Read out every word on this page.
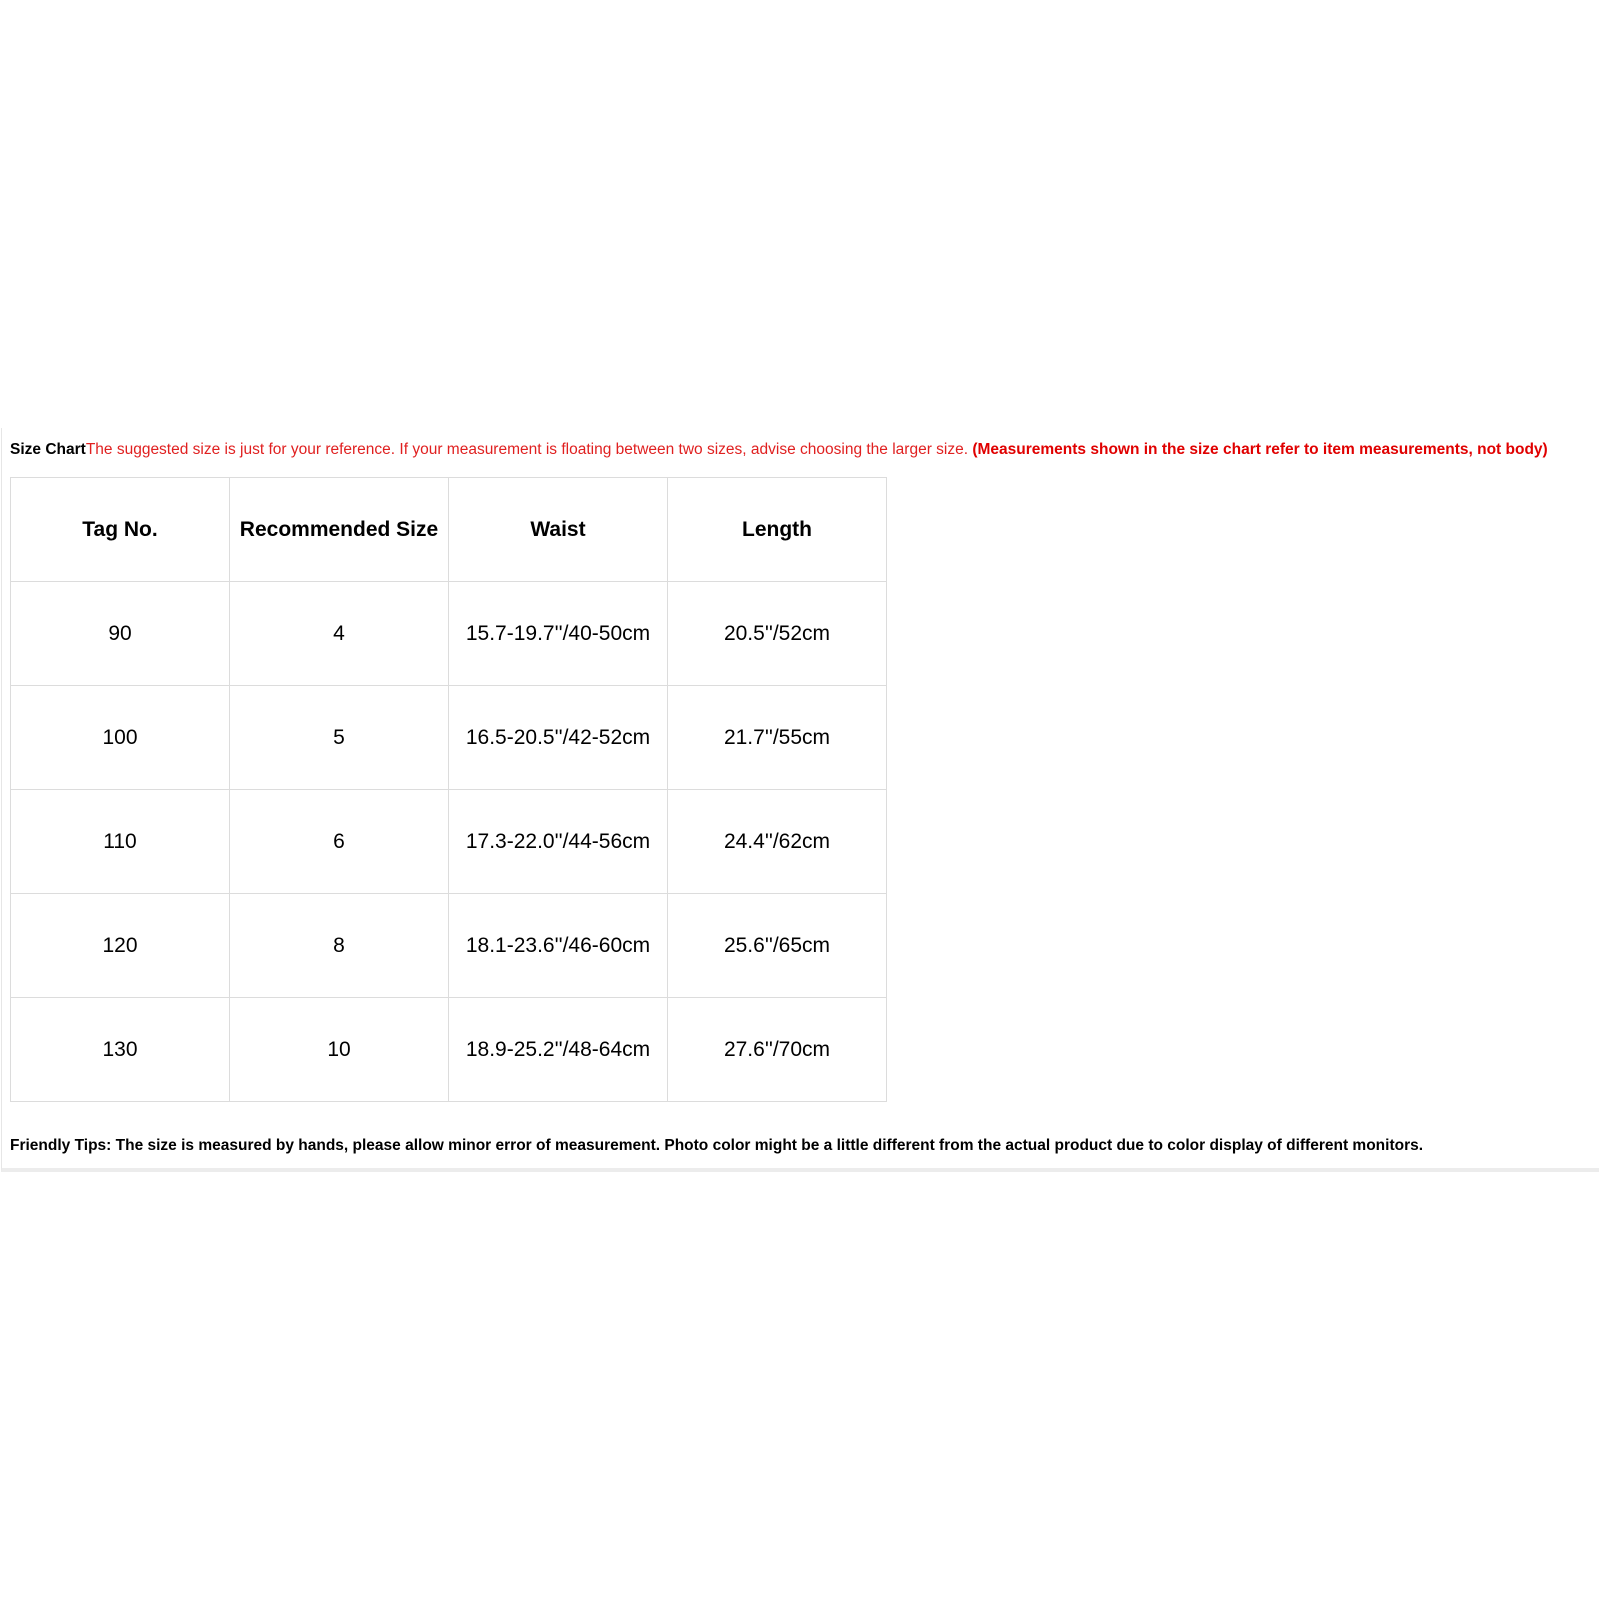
Size ChartThe suggested size is just for your reference. If your measurement is floating between two sizes, advise choosing the larger size. (Measurements shown in the size chart refer to item measurements, not body)
Tag No.	Recommended Size	Waist	Length
90	4	15.7-19.7''/40-50cm	20.5''/52cm
100	5	16.5-20.5''/42-52cm	21.7''/55cm
110	6	17.3-22.0''/44-56cm	24.4''/62cm
120	8	18.1-23.6''/46-60cm	25.6''/65cm
130	10	18.9-25.2''/48-64cm	27.6''/70cm
Friendly Tips: The size is measured by hands, please allow minor error of measurement. Photo color might be a little different from the actual product due to color display of different monitors.
